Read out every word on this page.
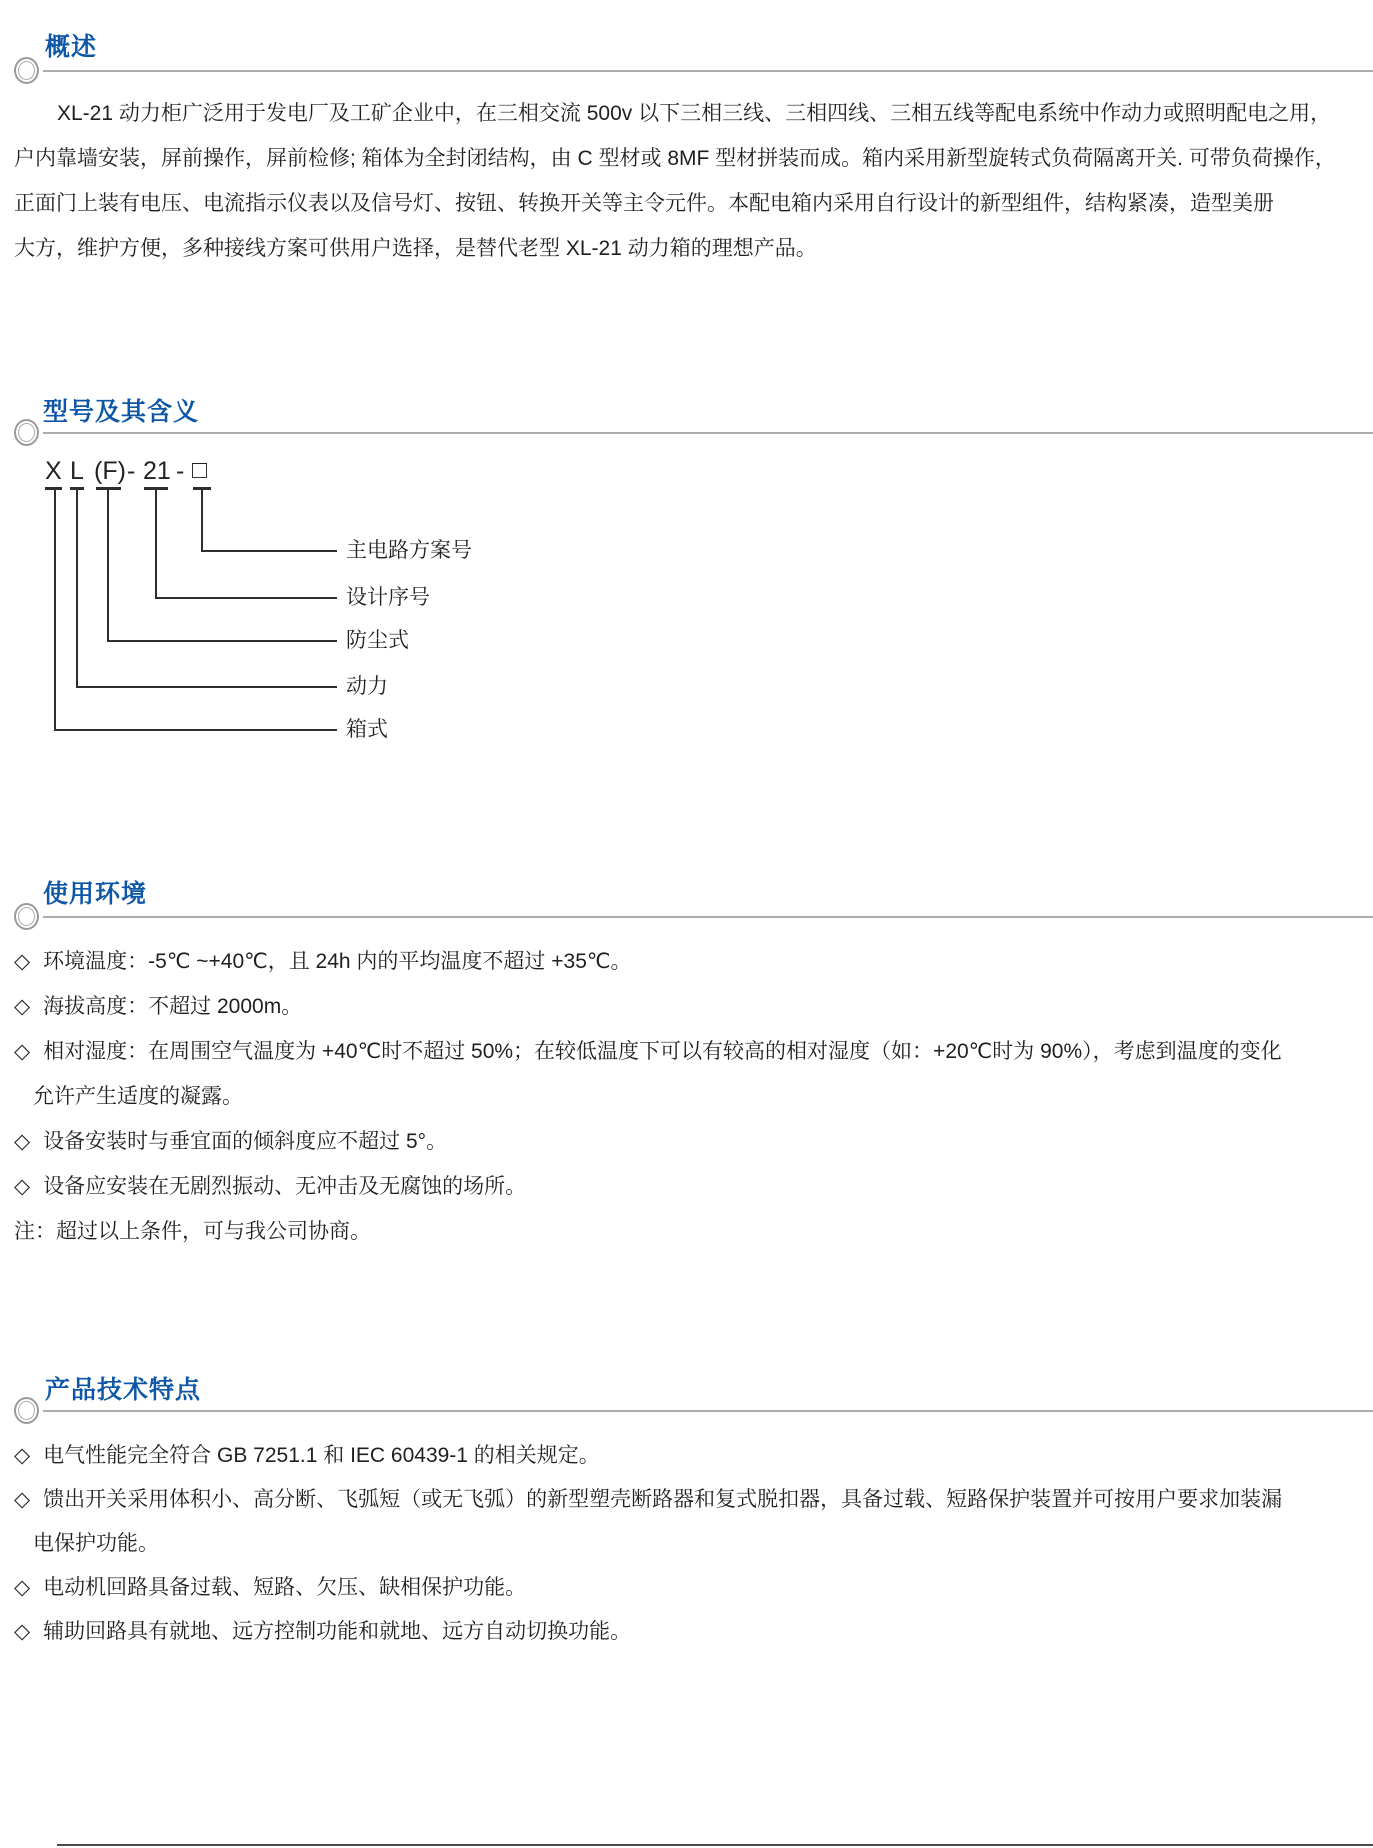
概述
XL-21 动力柜广泛用于发电厂及工矿企业中，在三相交流 500v 以下三相三线、三相四线、三相五线等配电系统中作动力或照明配电之用，
户内靠墙安装，屏前操作，屏前检修; 箱体为全封闭结构，由 C 型材或 8MF 型材拼装而成。箱内采用新型旋转式负荷隔离开关. 可带负荷操作，
正面门上装有电压、电流指示仪表以及信号灯、按钮、转换开关等主令元件。本配电箱内采用自行设计的新型组件，结构紧凑，造型美册
大方，维护方便，多种接线方案可供用户选择，是替代老型 XL-21 动力箱的理想产品。
型号及其含义
X L (F) - 21 - □
主电路方案号
设计序号
防尘式
动力
箱式
使用环境
◇ 环境温度：-5℃ ~+40℃，且 24h 内的平均温度不超过 +35℃。
◇ 海拔高度：不超过 2000m。
◇ 相对湿度：在周围空气温度为 +40℃时不超过 50%；在较低温度下可以有较高的相对湿度（如：+20℃时为 90%），考虑到温度的变化
允许产生适度的凝露。
◇ 设备安装时与垂宜面的倾斜度应不超过 5°。
◇ 设备应安装在无剧烈振动、无冲击及无腐蚀的场所。
注：超过以上条件，可与我公司协商。
产品技术特点
◇ 电气性能完全符合 GB 7251.1 和 IEC 60439-1 的相关规定。
◇ 馈出开关采用体积小、高分断、飞弧短（或无飞弧）的新型塑壳断路器和复式脱扣器，具备过载、短路保护装置并可按用户要求加装漏
电保护功能。
◇ 电动机回路具备过载、短路、欠压、缺相保护功能。
◇ 辅助回路具有就地、远方控制功能和就地、远方自动切换功能。
